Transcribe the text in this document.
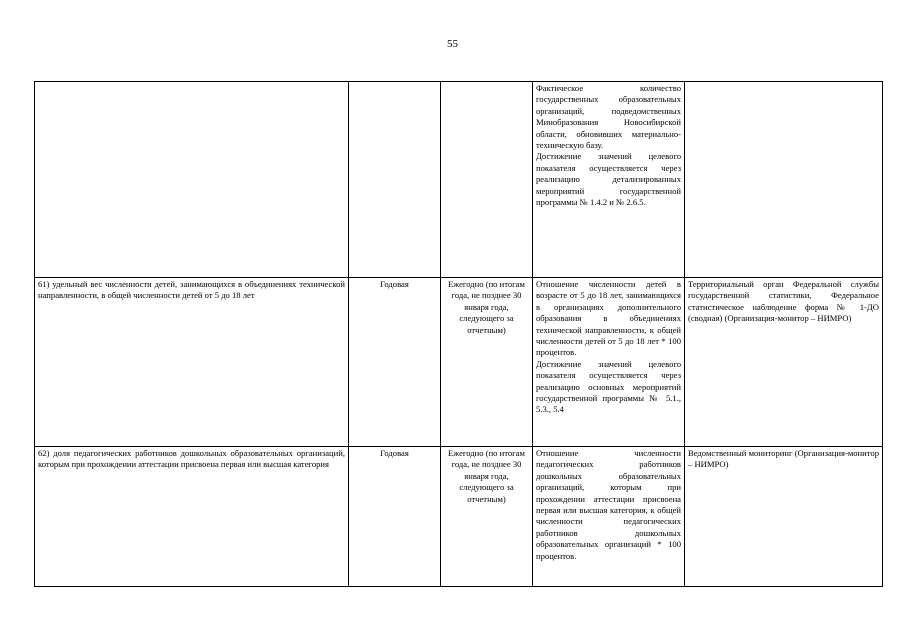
55

			Фактическое количество государственных образовательных организаций, подведомственных Минобразования Новосибирской области, обновивших материально-техническую базу.
Достижение значений целевого показателя осуществляется через реализацию детализированных мероприятий государственной программы № 1.4.2 и № 2.6.5.	

61) удельный вес численности детей, занимающихся в объединениях технической направленности, в общей численности детей от 5 до 18 лет	Годовая	Ежегодно (по итогам года, не позднее 30 января года, следующего за отчетным)	Отношение численности детей в возрасте от 5 до 18 лет, занимающихся в организациях дополнительного образования в объединениях технической направленности, к общей численности детей от 5 до 18 лет * 100 процентов.
Достижение значений целевого показателя осуществляется через реализацию основных мероприятий государственной программы № 5.1., 5.3., 5.4	Территориальный орган Федеральной службы государственной статистики, Федеральное статистическое наблюдение форма № 1-ДО (сводная) (Организация-монитор – НИМРО)

62) доля педагогических работников дошкольных образовательных организаций, которым при прохождении аттестации присвоена первая или высшая категория	Годовая	Ежегодно (по итогам года, не позднее 30 января года, следующего за отчетным)	Отношение численности педагогических работников дошкольных образовательных организаций, которым при прохождении аттестации присвоена первая или высшая категория, к общей численности педагогических работников дошкольных образовательных организаций * 100 процентов.	Ведомственный мониторинг (Организация-монитор – НИМРО)
